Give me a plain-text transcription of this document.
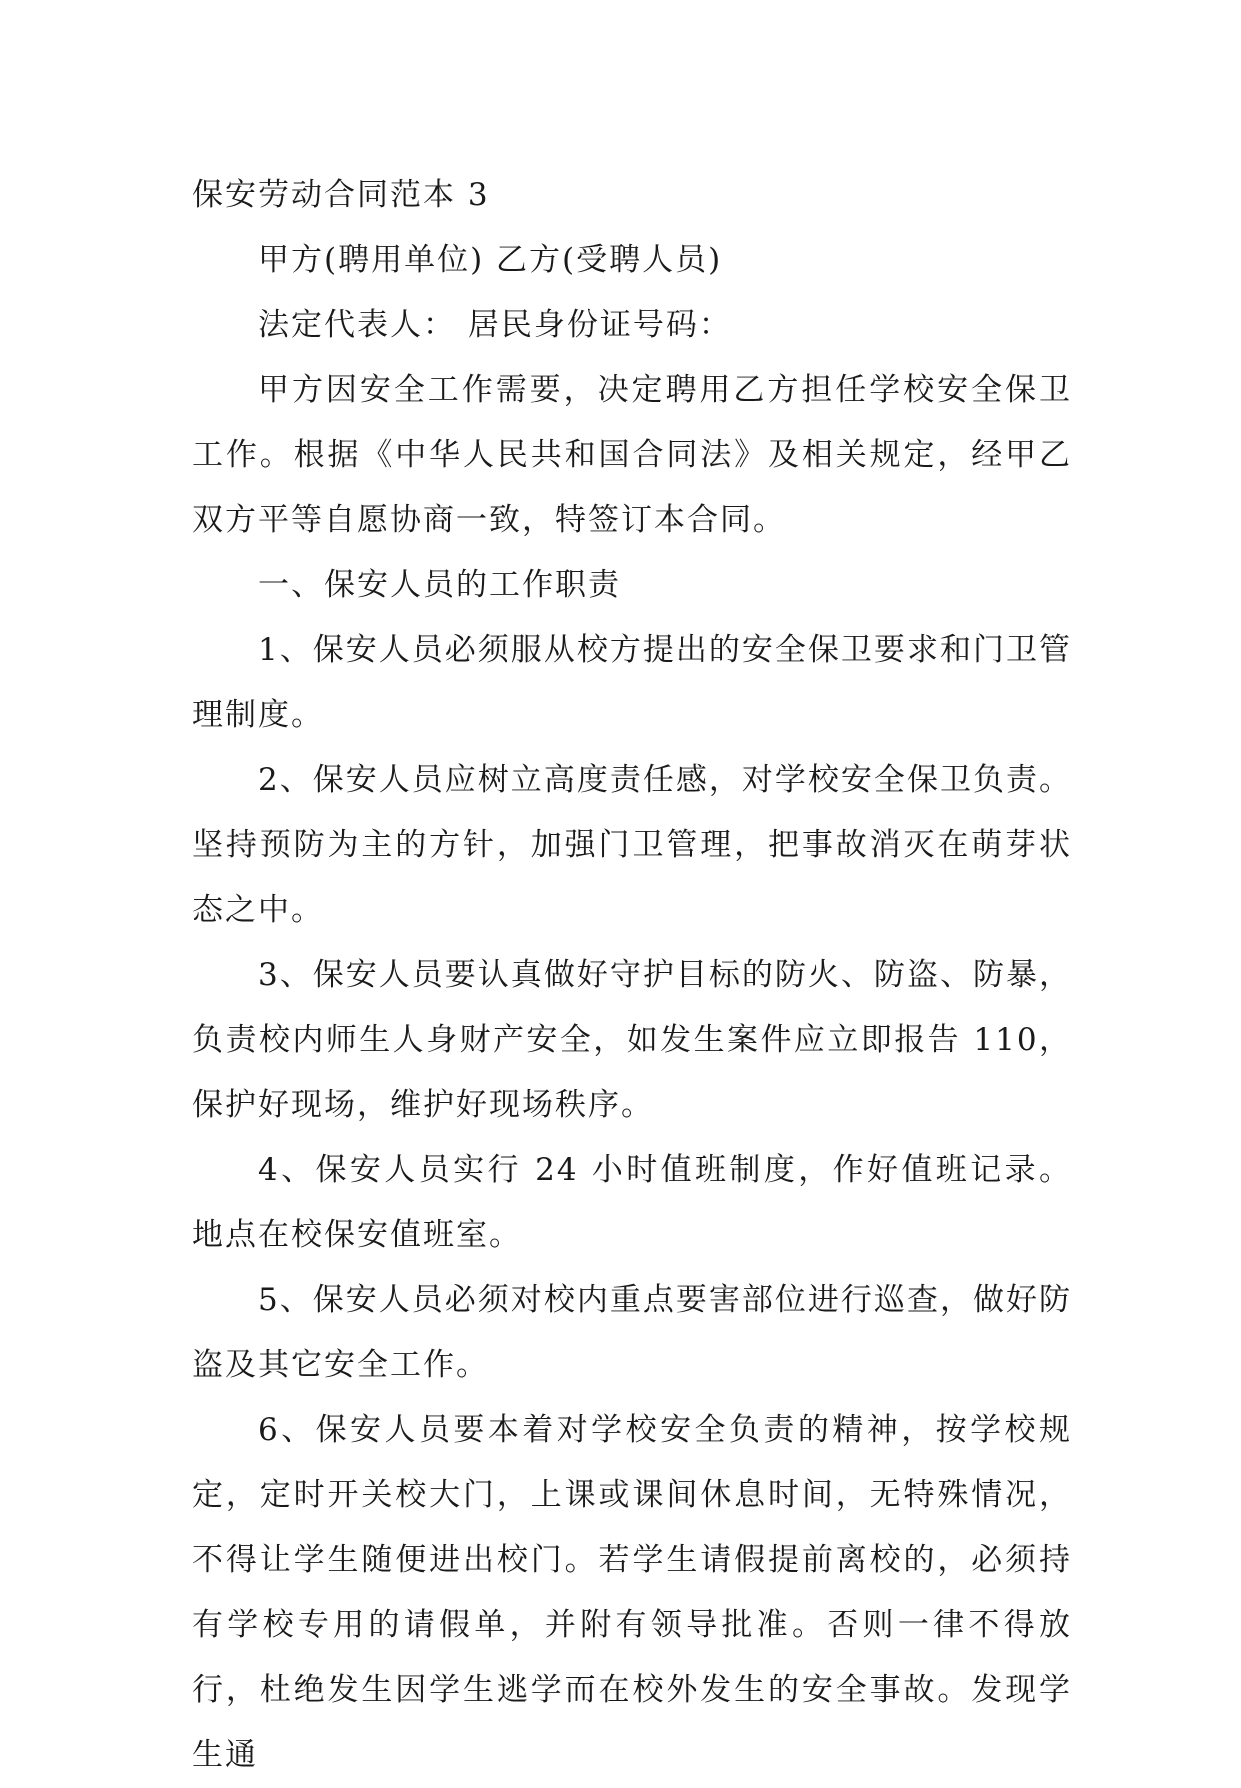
保安劳动合同范本 3

甲方(聘用单位) 乙方(受聘人员)

法定代表人： 居民身份证号码：

甲方因安全工作需要，决定聘用乙方担任学校安全保卫工作。根据《中华人民共和国合同法》及相关规定，经甲乙双方平等自愿协商一致，特签订本合同。

一、保安人员的工作职责

1、保安人员必须服从校方提出的安全保卫要求和门卫管理制度。

2、保安人员应树立高度责任感，对学校安全保卫负责。坚持预防为主的方针，加强门卫管理，把事故消灭在萌芽状态之中。

3、保安人员要认真做好守护目标的防火、防盗、防暴，负责校内师生人身财产安全，如发生案件应立即报告 110，保护好现场，维护好现场秩序。

4、保安人员实行 24 小时值班制度，作好值班记录。地点在校保安值班室。

5、保安人员必须对校内重点要害部位进行巡查，做好防盗及其它安全工作。

6、保安人员要本着对学校安全负责的精神，按学校规定，定时开关校大门，上课或课间休息时间，无特殊情况，不得让学生随便进出校门。若学生请假提前离校的，必须持有学校专用的请假单，并附有领导批准。否则一律不得放行，杜绝发生因学生逃学而在校外发生的安全事故。发现学生通
